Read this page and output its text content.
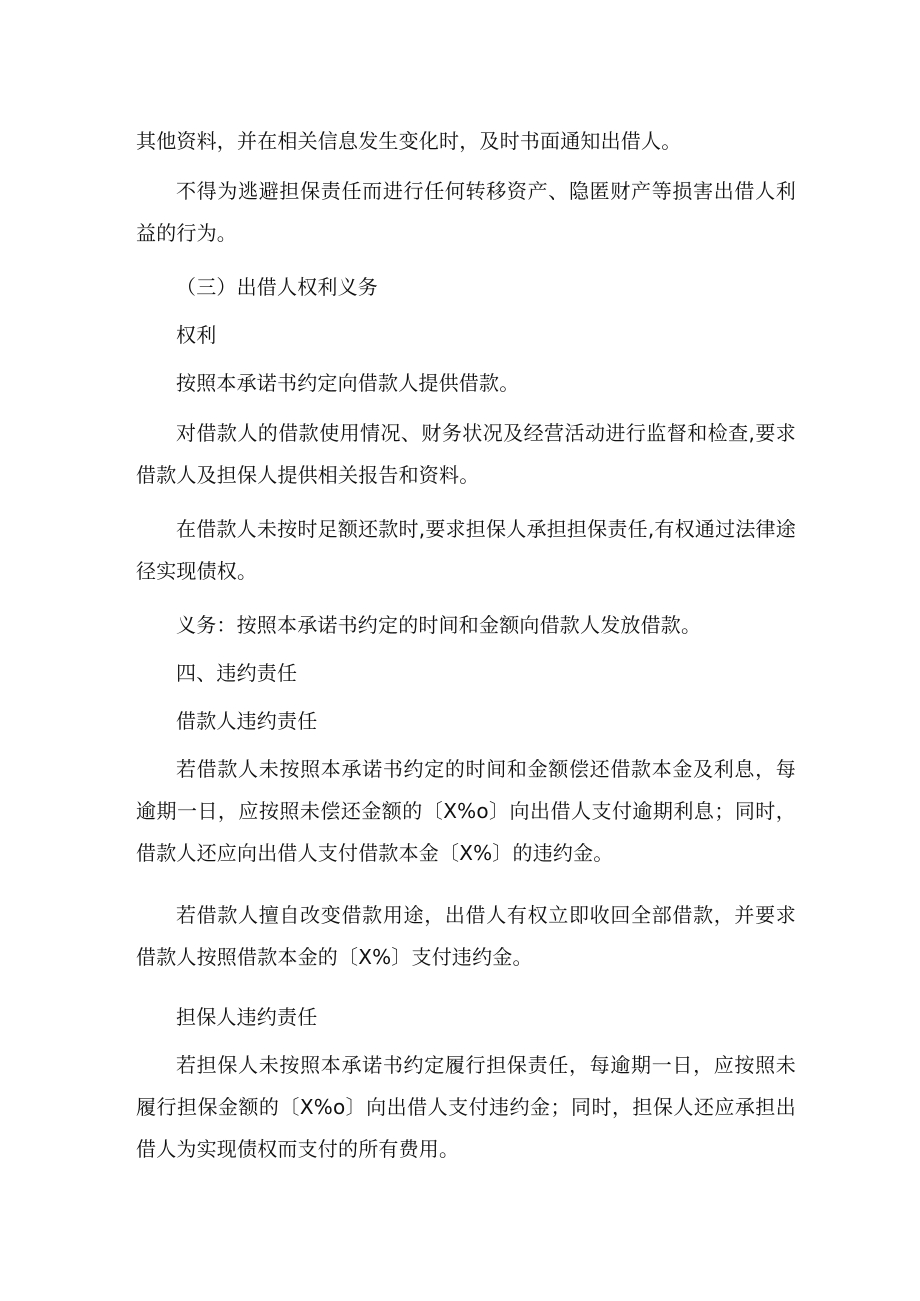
其他资料，并在相关信息发生变化时，及时书面通知出借人。

不得为逃避担保责任而进行任何转移资产、隐匿财产等损害出借人利益的行为。

（三）出借人权利义务

权利

按照本承诺书约定向借款人提供借款。

对借款人的借款使用情况、财务状况及经营活动进行监督和检查,要求借款人及担保人提供相关报告和资料。

在借款人未按时足额还款时,要求担保人承担担保责任,有权通过法律途径实现债权。

义务：按照本承诺书约定的时间和金额向借款人发放借款。

四、违约责任

借款人违约责任

若借款人未按照本承诺书约定的时间和金额偿还借款本金及利息，每逾期一日，应按照未偿还金额的〔X%o〕向出借人支付逾期利息；同时，借款人还应向出借人支付借款本金〔X%〕的违约金。

若借款人擅自改变借款用途，出借人有权立即收回全部借款，并要求借款人按照借款本金的〔X%〕支付违约金。

担保人违约责任

若担保人未按照本承诺书约定履行担保责任，每逾期一日，应按照未履行担保金额的〔X%o〕向出借人支付违约金；同时，担保人还应承担出借人为实现债权而支付的所有费用。
